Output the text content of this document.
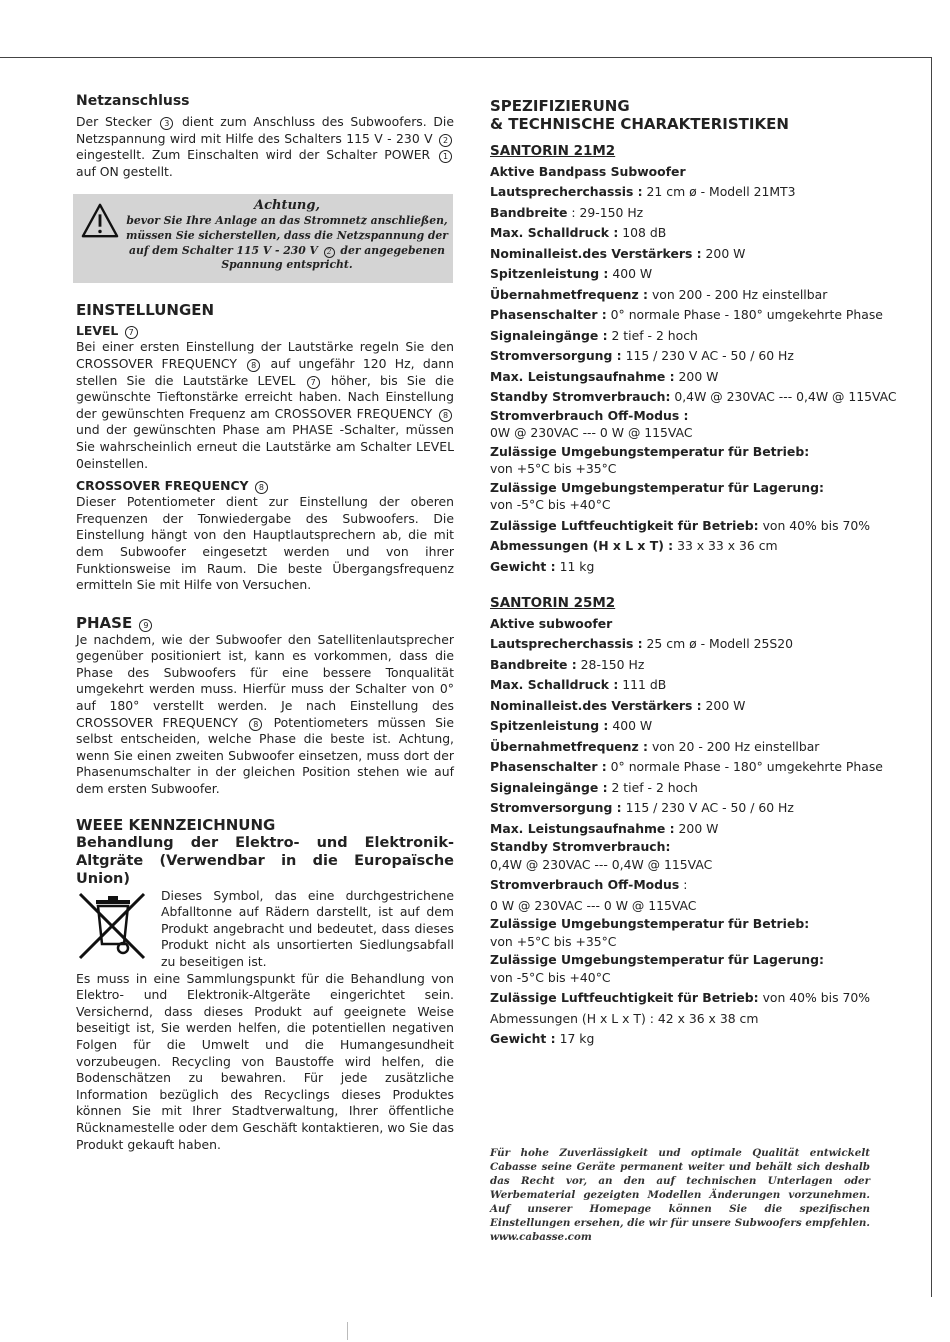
Netzanschluss

Der Stecker 3 dient zum Anschluss des Subwoofers. Die Netzspannung wird mit Hilfe des Schalters 115 V - 230 V 2 eingestellt. Zum Einschalten wird der Schalter POWER 1 auf ON gestellt.

Achtung,
bevor Sie Ihre Anlage an das Stromnetz anschließen, müssen Sie sicherstellen, dass die Netzspannung der auf dem Schalter 115 V - 230 V 2 der angegebenen Spannung entspricht.
EINSTELLUNGEN
LEVEL 7

Bei einer ersten Einstellung der Lautstärke regeln Sie den CROSSOVER FREQUENCY 8 auf ungefähr 120 Hz, dann stellen Sie die Lautstärke LEVEL 7 höher, bis Sie die gewünschte Tieftonstärke erreicht haben. Nach Einstellung der gewünschten Frequenz am CROSSOVER FREQUENCY 8 und der gewünschten Phase am PHASE -Schalter, müssen Sie wahrscheinlich erneut die Lautstärke am Schalter LEVEL 0einstellen.

CROSSOVER FREQUENCY 8

Dieser Potentiometer dient zur Einstellung der oberen Frequenzen der Tonwiedergabe des Subwoofers. Die Einstellung hängt von den Hauptlautsprechern ab, die mit dem Subwoofer eingesetzt werden und von ihrer Funktionsweise im Raum. Die beste Übergangsfrequenz ermitteln Sie mit Hilfe von Versuchen.

PHASE 9

Je nachdem, wie der Subwoofer den Satellitenlautsprecher gegenüber positioniert ist, kann es vorkommen, dass die Phase des Subwoofers für eine bessere Tonqualität umgekehrt werden muss. Hierfür muss der Schalter von 0° auf 180° verstellt werden. Je nach Einstellung des CROSSOVER FREQUENCY 8 Potentiometers müssen Sie selbst entscheiden, welche Phase die beste ist. Achtung, wenn Sie einen zweiten Subwoofer einsetzen, muss dort der Phasenumschalter in der gleichen Position stehen wie auf dem ersten Subwoofer.

WEEE KENNZEICHNUNG
Behandlung der Elektro- und Elektronik-Altgräte (Verwendbar in die Europaïsche Union)

Dieses Symbol, das eine durchgestrichene Abfalltonne auf Rädern darstellt, ist auf dem Produkt angebracht und bedeutet, dass dieses Produkt nicht als unsortierten Siedlungsabfall zu beseitigen ist.

Es muss in eine Sammlungspunkt für die Behandlung von Elektro- und Elektronik-Altgeräte eingerichtet sein. Versichernd, dass dieses Produkt auf geeignete Weise beseitigt ist, Sie werden helfen, die potentiellen negativen Folgen für die Umwelt und die Humangesundheit vorzubeugen. Recycling von Baustoffe wird helfen, die Bodenschätzen zu bewahren. Für jede zusätzliche Information bezüglich des Recyclings dieses Produktes können Sie mit Ihrer Stadtverwaltung, Ihrer öffentliche Rücknamestelle oder dem Geschäft kontaktieren, wo Sie das Produkt gekauft haben.

SPEZIFIZIERUNG

& TECHNISCHE CHARAKTERISTIKEN

SANTORIN 21M2

Aktive Bandpass Subwoofer
Lautsprecherchassis : 21 cm ø - Modell 21MT3
Bandbreite : 29-150 Hz
Max. Schalldruck : 108 dB
Nominalleist.des Verstärkers : 200 W
Spitzenleistung : 400 W
Übernahmetfrequenz : von 200 - 200 Hz einstellbar
Phasenschalter : 0° normale Phase - 180° umgekehrte Phase
Signaleingänge : 2 tief - 2 hoch
Stromversorgung : 115 / 230 V AC - 50 / 60 Hz
Max. Leistungsaufnahme : 200 W
Standby Stromverbrauch: 0,4W @ 230VAC --- 0,4W @ 115VAC
Stromverbrauch Off-Modus :
0W @ 230VAC --- 0 W @ 115VAC
Zulässige Umgebungstemperatur für Betrieb:
von +5°C bis +35°C
Zulässige Umgebungstemperatur für Lagerung:
von -5°C bis +40°C
Zulässige Luftfeuchtigkeit für Betrieb: von 40% bis 70%
Abmessungen (H x L x T) : 33 x 33 x 36 cm
Gewicht : 11 kg

SANTORIN 25M2

Aktive subwoofer
Lautsprecherchassis : 25 cm ø - Modell 25S20
Bandbreite : 28-150 Hz
Max. Schalldruck : 111 dB
Nominalleist.des Verstärkers : 200 W
Spitzenleistung : 400 W
Übernahmetfrequenz : von 20 - 200 Hz einstellbar
Phasenschalter : 0° normale Phase - 180° umgekehrte Phase
Signaleingänge : 2 tief - 2 hoch
Stromversorgung : 115 / 230 V AC - 50 / 60 Hz
Max. Leistungsaufnahme : 200 W
Standby Stromverbrauch:
0,4W @ 230VAC --- 0,4W @ 115VAC
Stromverbrauch Off-Modus :
0 W @ 230VAC --- 0 W @ 115VAC
Zulässige Umgebungstemperatur für Betrieb:
von +5°C bis +35°C
Zulässige Umgebungstemperatur für Lagerung:
von -5°C bis +40°C
Zulässige Luftfeuchtigkeit für Betrieb: von 40% bis 70%
Abmessungen (H x L x T) : 42 x 36 x 38 cm
Gewicht : 17 kg
Für hohe Zuverlässigkeit und optimale Qualität entwickelt Cabasse seine Geräte permanent weiter und behält sich deshalb das Recht vor, an den auf technischen Unterlagen oder Werbematerial gezeigten Modellen Änderungen vorzunehmen. Auf unserer Homepage können Sie die spezifischen Einstellungen ersehen, die wir für unsere Subwoofers empfehlen. www.cabasse.com
